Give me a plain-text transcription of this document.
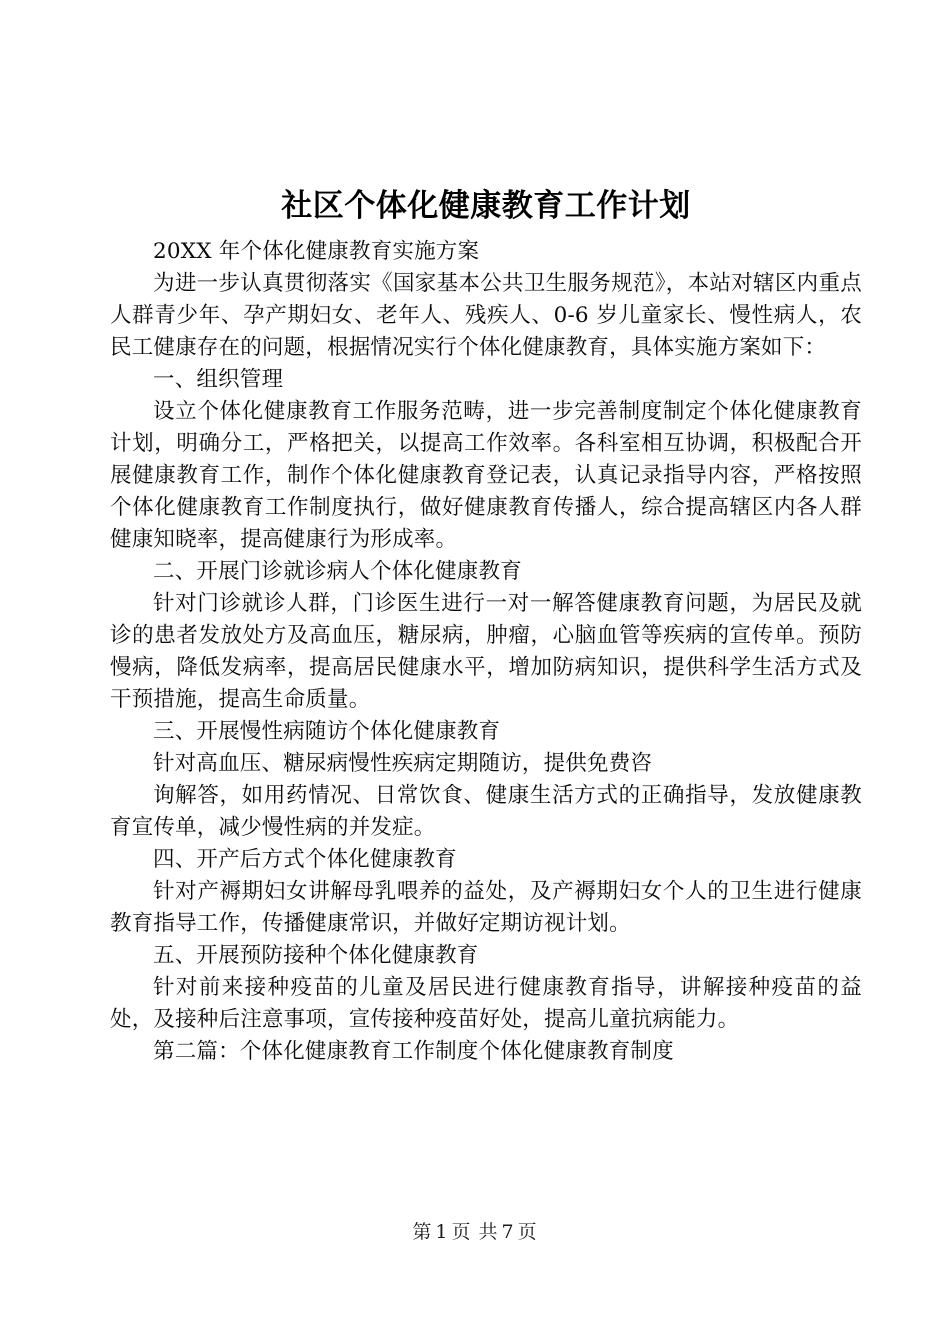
社区个体化健康教育工作计划

20XX 年个体化健康教育实施方案

为进一步认真贯彻落实《国家基本公共卫生服务规范》，本站对辖区内重点人群青少年、孕产期妇女、老年人、残疾人、0-6 岁儿童家长、慢性病人，农民工健康存在的问题，根据情况实行个体化健康教育，具体实施方案如下：

一、组织管理

设立个体化健康教育工作服务范畴，进一步完善制度制定个体化健康教育计划，明确分工，严格把关，以提高工作效率。各科室相互协调，积极配合开展健康教育工作，制作个体化健康教育登记表，认真记录指导内容，严格按照个体化健康教育工作制度执行，做好健康教育传播人，综合提高辖区内各人群健康知晓率，提高健康行为形成率。

二、开展门诊就诊病人个体化健康教育

针对门诊就诊人群，门诊医生进行一对一解答健康教育问题，为居民及就诊的患者发放处方及高血压，糖尿病，肿瘤，心脑血管等疾病的宣传单。预防慢病，降低发病率，提高居民健康水平，增加防病知识，提供科学生活方式及干预措施，提高生命质量。

三、开展慢性病随访个体化健康教育

针对高血压、糖尿病慢性疾病定期随访，提供免费咨

询解答，如用药情况、日常饮食、健康生活方式的正确指导，发放健康教育宣传单，减少慢性病的并发症。

四、开产后方式个体化健康教育

针对产褥期妇女讲解母乳喂养的益处，及产褥期妇女个人的卫生进行健康教育指导工作，传播健康常识，并做好定期访视计划。

五、开展预防接种个体化健康教育

针对前来接种疫苗的儿童及居民进行健康教育指导，讲解接种疫苗的益处，及接种后注意事项，宣传接种疫苗好处，提高儿童抗病能力。

第二篇：个体化健康教育工作制度个体化健康教育制度

第 1 页 共 7 页
